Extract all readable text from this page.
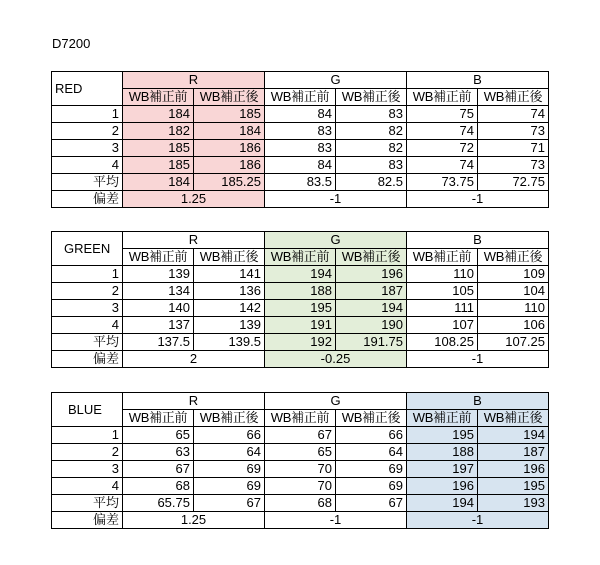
D7200
RED	R		G		B	
	WB補正前	WB補正後	WB補正前	WB補正後	WB補正前	WB補正後
1	184	185	84	83	75	74
2	182	184	83	82	74	73
3	185	186	83	82	72	71
4	185	186	84	83	74	73
平均	184	185.25	83.5	82.5	73.75	72.75
偏差	1.25		-1		-1	
GREEN	R		G		B	
	WB補正前	WB補正後	WB補正前	WB補正後	WB補正前	WB補正後
1	139	141	194	196	110	109
2	134	136	188	187	105	104
3	140	142	195	194	111	110
4	137	139	191	190	107	106
平均	137.5	139.5	192	191.75	108.25	107.25
偏差	2		-0.25		-1	
BLUE	R		G		B	
	WB補正前	WB補正後	WB補正前	WB補正後	WB補正前	WB補正後
1	65	66	67	66	195	194
2	63	64	65	64	188	187
3	67	69	70	69	197	196
4	68	69	70	69	196	195
平均	65.75	67	68	67	194	193
偏差	1.25		-1		-1	
